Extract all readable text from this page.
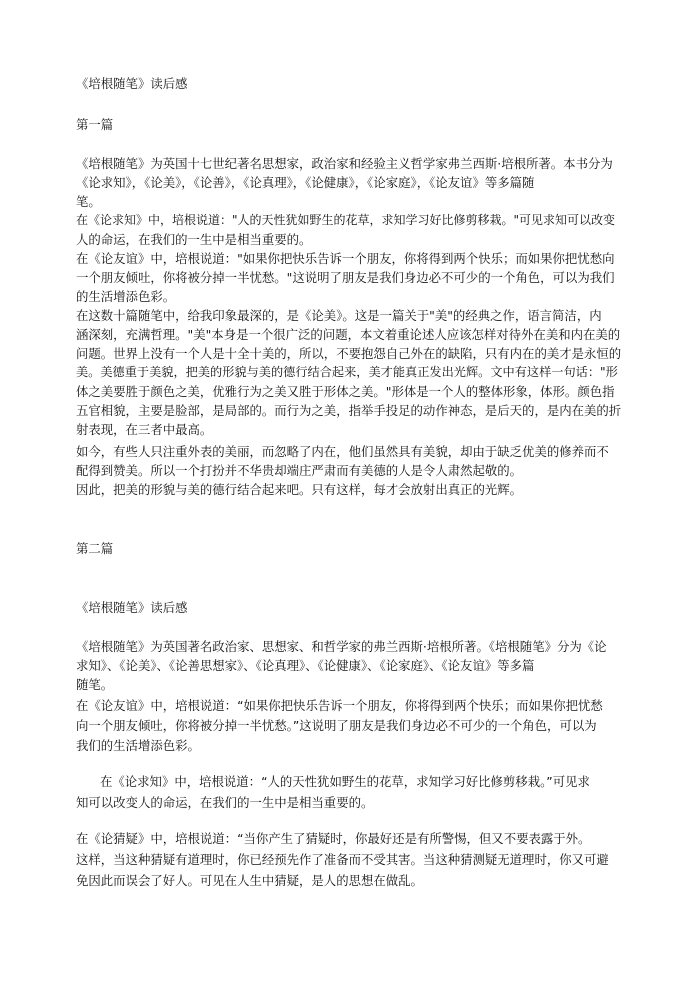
《培根随笔》读后感
第一篇
《培根随笔》为英国十七世纪著名思想家，政治家和经验主义哲学家弗兰西斯·培根所著。本书分为
《论求知》，《论美》，《论善》，《论真理》，《论健康》，《论家庭》，《论友谊》等多篇随
笔。
在《论求知》中，培根说道："人的天性犹如野生的花草，求知学习好比修剪移栽。"可见求知可以改变
人的命运，在我们的一生中是相当重要的。
在《论友谊》中，培根说道："如果你把快乐告诉一个朋友，你将得到两个快乐；而如果你把忧愁向
一个朋友倾吐，你将被分掉一半忧愁。"这说明了朋友是我们身边必不可少的一个角色，可以为我们
的生活增添色彩。
在这数十篇随笔中，给我印象最深的，是《论美》。这是一篇关于"美"的经典之作，语言简洁，内
涵深刻，充满哲理。"美"本身是一个很广泛的问题，本文着重论述人应该怎样对待外在美和内在美的
问题。世界上没有一个人是十全十美的，所以，不要抱怨自己外在的缺陷，只有内在的美才是永恒的
美。美德重于美貌，把美的形貌与美的德行结合起来，美才能真正发出光辉。文中有这样一句话："形
体之美要胜于颜色之美，优雅行为之美又胜于形体之美。"形体是一个人的整体形象，体形。颜色指
五官相貌，主要是脸部，是局部的。而行为之美，指举手投足的动作神态，是后天的，是内在美的折
射表现，在三者中最高。
如今，有些人只注重外表的美丽，而忽略了内在，他们虽然具有美貌，却由于缺乏优美的修养而不
配得到赞美。所以一个打扮并不华贵却端庄严肃而有美德的人是令人肃然起敬的。
因此，把美的形貌与美的德行结合起来吧。只有这样，每才会放射出真正的光辉。
第二篇
《培根随笔》读后感
《培根随笔》为英国著名政治家、思想家、和哲学家的弗兰西斯·培根所著。《培根随笔》分为《论
求知》、《论美》、《论善思想家》、《论真理》、《论健康》、《论家庭》、《论友谊》等多篇
随笔。
在《论友谊》中，培根说道：“如果你把快乐告诉一个朋友，你将得到两个快乐；而如果你把忧愁
向一个朋友倾吐，你将被分掉一半忧愁。”这说明了朋友是我们身边必不可少的一个角色，可以为
我们的生活增添色彩。
在《论求知》中，培根说道：“人的天性犹如野生的花草，求知学习好比修剪移栽。”可见求
知可以改变人的命运，在我们的一生中是相当重要的。
在《论猜疑》中，培根说道：“当你产生了猜疑时，你最好还是有所警惕，但又不要表露于外。
这样，当这种猜疑有道理时，你已经预先作了准备而不受其害。当这种猜测疑无道理时，你又可避
免因此而误会了好人。可见在人生中猜疑，是人的思想在做乱。
